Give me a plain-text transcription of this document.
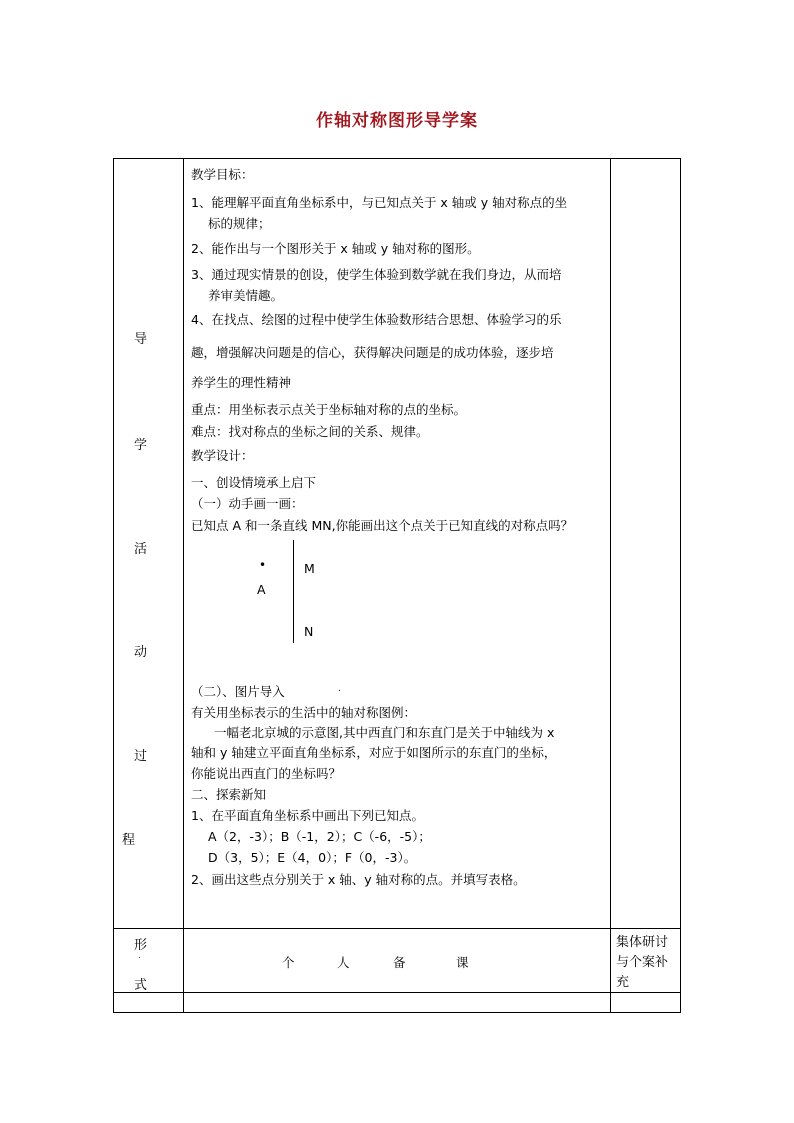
作轴对称图形导学案
导
学
活
动
过
程
教学目标：
1、能理解平面直角坐标系中，与已知点关于 x 轴或 y 轴对称点的坐
标的规律；
2、能作出与一个图形关于 x 轴或 y 轴对称的图形。
3、通过现实情景的创设，使学生体验到数学就在我们身边，从而培
养审美情趣。
4、在找点、绘图的过程中使学生体验数形结合思想、体验学习的乐
趣，增强解决问题是的信心，获得解决问题是的成功体验，逐步培
养学生的理性精神
重点：用坐标表示点关于坐标轴对称的点的坐标。
难点：找对称点的坐标之间的关系、规律。
教学设计：
一、创设情境承上启下
（一）动手画一画：
已知点 A 和一条直线 MN,你能画出这个点关于已知直线的对称点吗？
•
A
M
N
（二）、图片导入	.
有关用坐标表示的生活中的轴对称图例：
一幅老北京城的示意图,其中西直门和东直门是关于中轴线为 x
轴和 y 轴建立平面直角坐标系，对应于如图所示的东直门的坐标，
你能说出西直门的坐标吗？
二、探索新知
1、在平面直角坐标系中画出下列已知点。
A（2，-3）；B（-1，2）；C（-6，-5）；
D（3，5）；E（4，0）；F（0，-3）。
2、画出这些点分别关于 x 轴、y 轴对称的点。并填写表格。
形
.
式
个	人	备	课
集体研讨
与个案补
充
